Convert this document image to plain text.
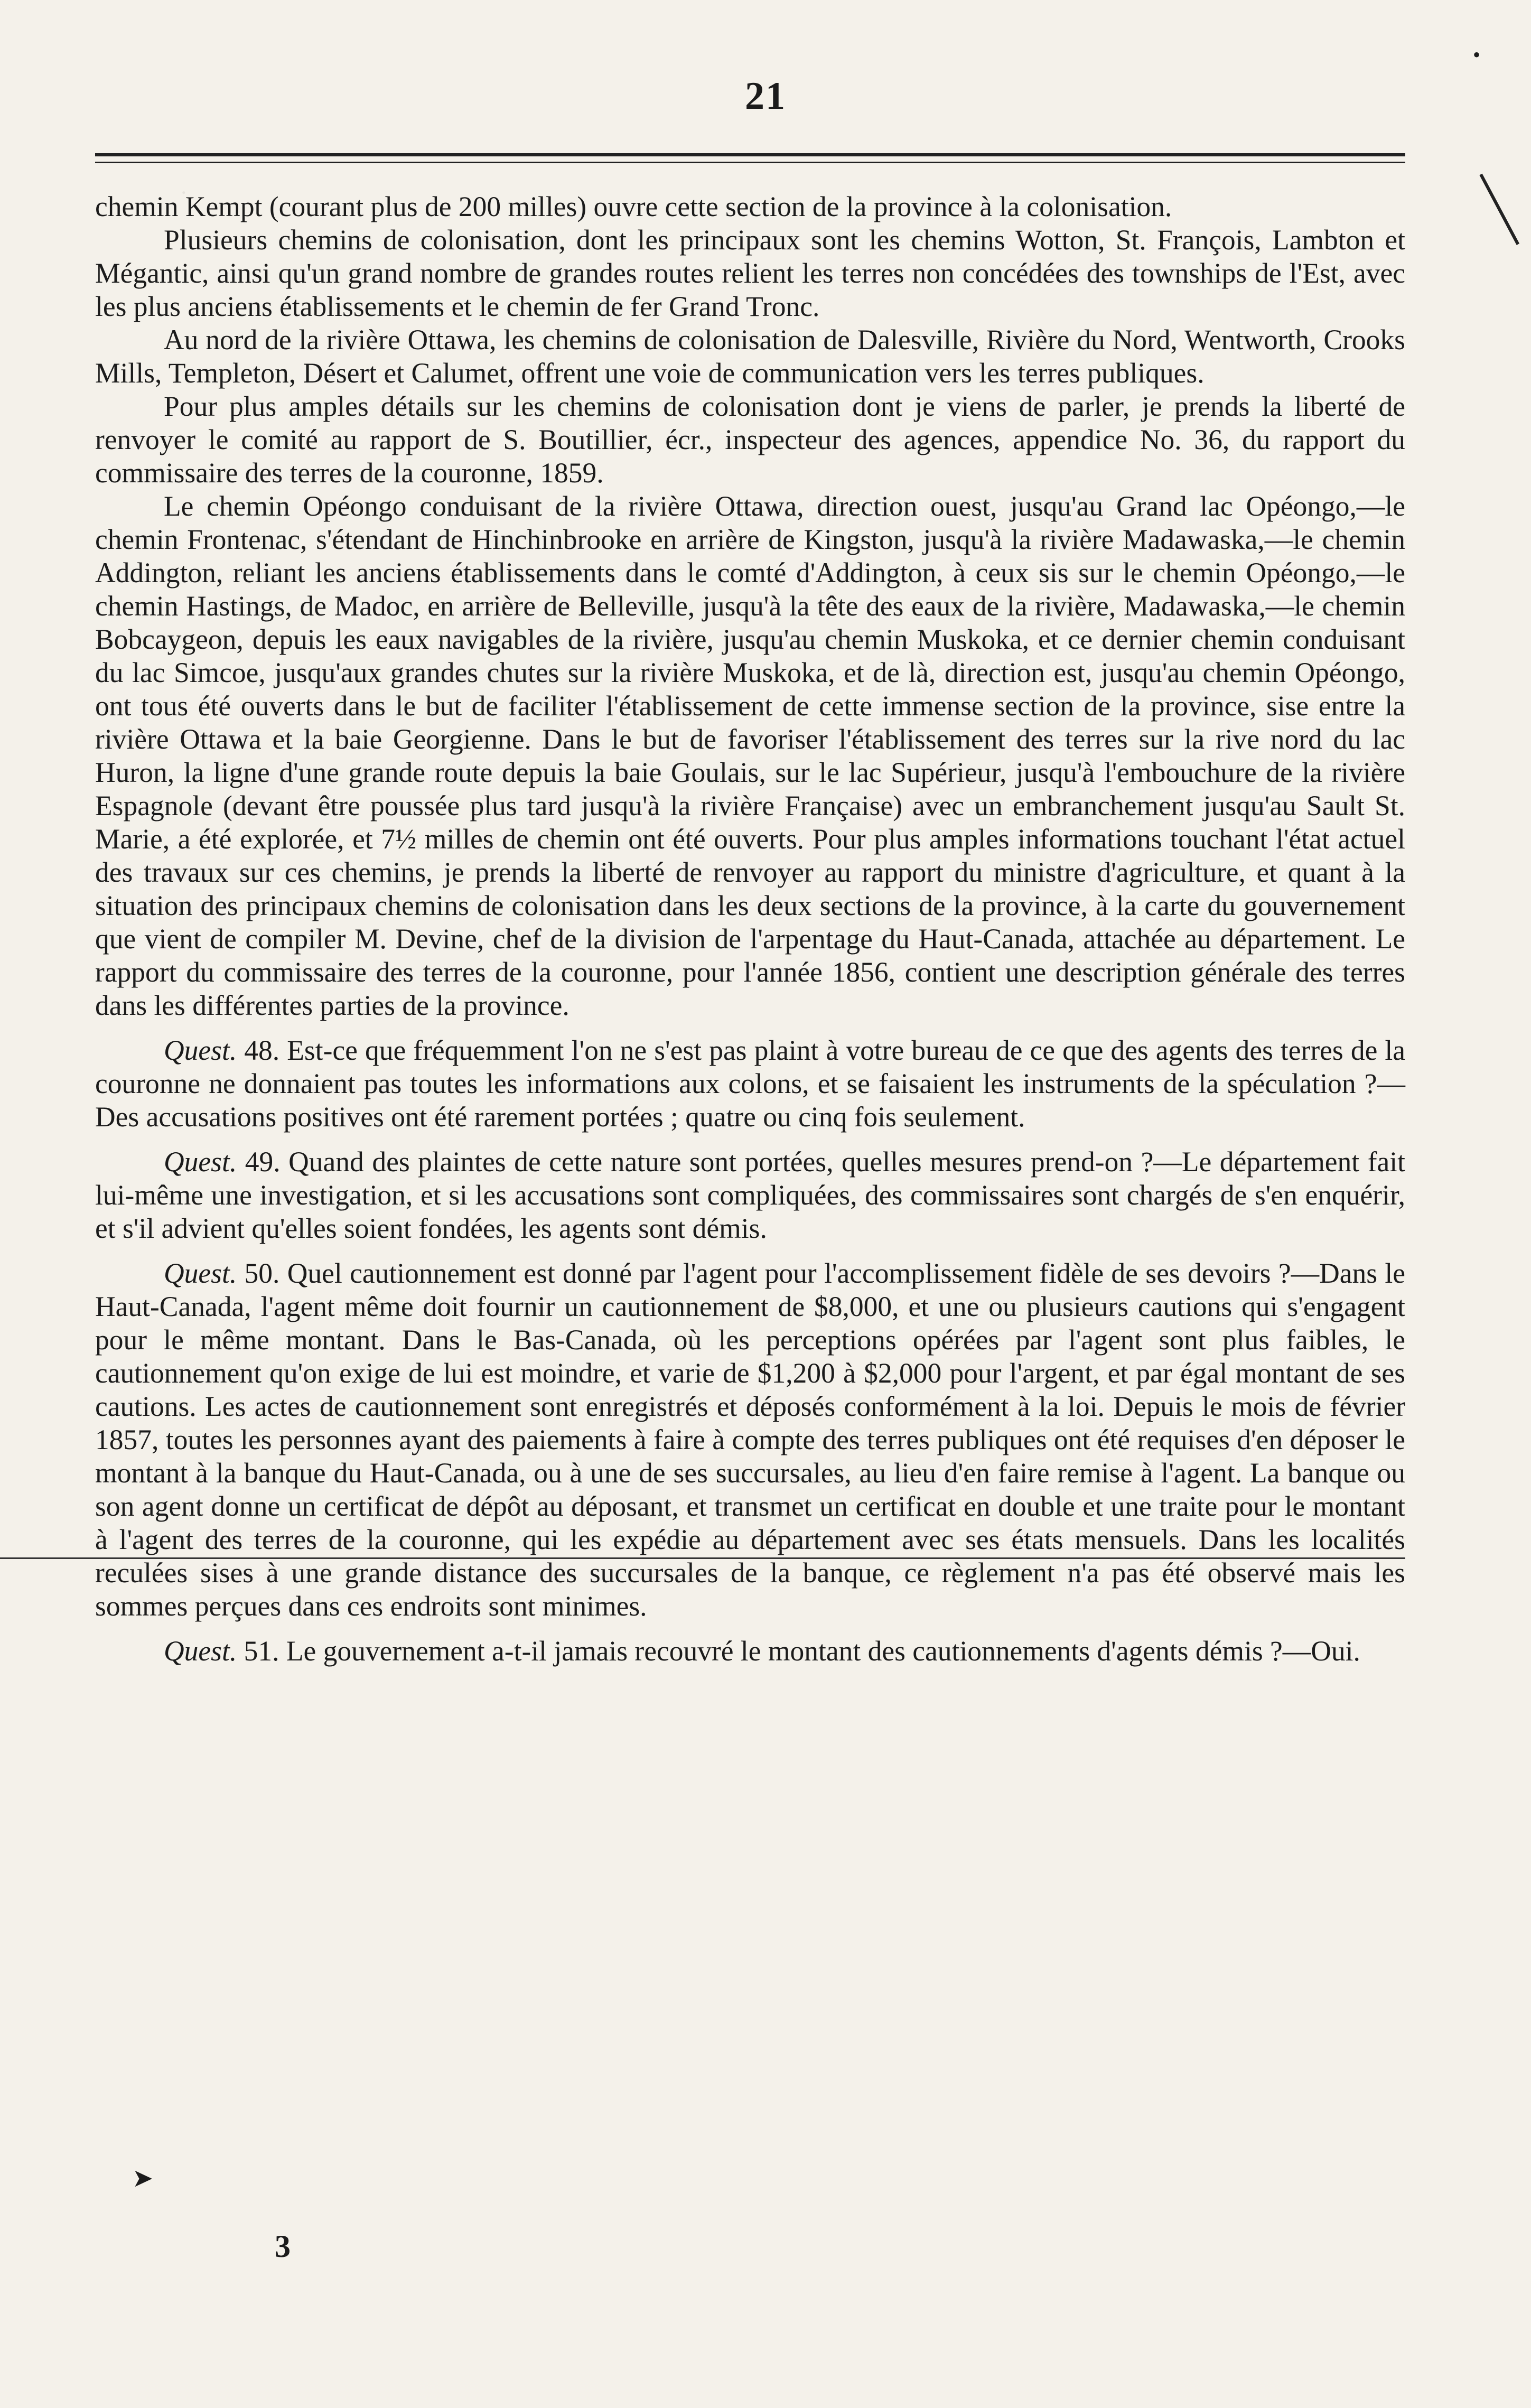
•
21

chemin Kempt (courant plus de 200 milles) ouvre cette section de la province à la colonisation.

Plusieurs chemins de colonisation, dont les principaux sont les chemins Wotton, St. François, Lambton et Mégantic, ainsi qu'un grand nombre de grandes routes relient les terres non concédées des townships de l'Est, avec les plus anciens établissements et le chemin de fer Grand Tronc.

Au nord de la rivière Ottawa, les chemins de colonisation de Dalesville, Rivière du Nord, Wentworth, Crooks Mills, Templeton, Désert et Calumet, offrent une voie de communication vers les terres publiques.

Pour plus amples détails sur les chemins de colonisation dont je viens de parler, je prends la liberté de renvoyer le comité au rapport de S. Boutillier, écr., inspecteur des agences, appendice No. 36, du rapport du commissaire des terres de la couronne, 1859.

Le chemin Opéongo conduisant de la rivière Ottawa, direction ouest, jusqu'au Grand lac Opéongo,—le chemin Frontenac, s'étendant de Hinchinbrooke en arrière de Kingston, jusqu'à la rivière Madawaska,—le chemin Addington, reliant les anciens établissements dans le comté d'Addington, à ceux sis sur le chemin Opéongo,—le chemin Hastings, de Madoc, en arrière de Belleville, jusqu'à la tête des eaux de la rivière, Madawaska,—le chemin Bobcaygeon, depuis les eaux navigables de la rivière, jusqu'au chemin Muskoka, et ce dernier chemin conduisant du lac Simcoe, jusqu'aux grandes chutes sur la rivière Muskoka, et de là, direction est, jusqu'au chemin Opéongo, ont tous été ouverts dans le but de faciliter l'établissement de cette immense section de la province, sise entre la rivière Ottawa et la baie Georgienne. Dans le but de favoriser l'établissement des terres sur la rive nord du lac Huron, la ligne d'une grande route depuis la baie Goulais, sur le lac Supérieur, jusqu'à l'embouchure de la rivière Espagnole (devant être poussée plus tard jusqu'à la rivière Française) avec un embranchement jusqu'au Sault St. Marie, a été explorée, et 7½ milles de chemin ont été ouverts. Pour plus amples informations touchant l'état actuel des travaux sur ces chemins, je prends la liberté de renvoyer au rapport du ministre d'agriculture, et quant à la situation des principaux chemins de colonisation dans les deux sections de la province, à la carte du gouvernement que vient de compiler M. Devine, chef de la division de l'arpentage du Haut-Canada, attachée au département. Le rapport du commissaire des terres de la couronne, pour l'année 1856, contient une description générale des terres dans les différentes parties de la province.

Quest. 48. Est-ce que fréquemment l'on ne s'est pas plaint à votre bureau de ce que des agents des terres de la couronne ne donnaient pas toutes les informations aux colons, et se faisaient les instruments de la spéculation ?—Des accusations positives ont été rarement portées ; quatre ou cinq fois seulement.

Quest. 49. Quand des plaintes de cette nature sont portées, quelles mesures prend-on ?—Le département fait lui-même une investigation, et si les accusations sont compliquées, des commissaires sont chargés de s'en enquérir, et s'il advient qu'elles soient fondées, les agents sont démis.

Quest. 50. Quel cautionnement est donné par l'agent pour l'accomplissement fidèle de ses devoirs ?—Dans le Haut-Canada, l'agent même doit fournir un cautionnement de $8,000, et une ou plusieurs cautions qui s'engagent pour le même montant. Dans le Bas-Canada, où les perceptions opérées par l'agent sont plus faibles, le cautionnement qu'on exige de lui est moindre, et varie de $1,200 à $2,000 pour l'argent, et par égal montant de ses cautions. Les actes de cautionnement sont enregistrés et déposés conformément à la loi. Depuis le mois de février 1857, toutes les personnes ayant des paiements à faire à compte des terres publiques ont été requises d'en déposer le montant à la banque du Haut-Canada, ou à une de ses succursales, au lieu d'en faire remise à l'agent. La banque ou son agent donne un certificat de dépôt au déposant, et transmet un certificat en double et une traite pour le montant à l'agent des terres de la couronne, qui les expédie au département avec ses états mensuels. Dans les localités reculées sises à une grande distance des succursales de la banque, ce règlement n'a pas été observé mais les sommes perçues dans ces endroits sont minimes.

Quest. 51. Le gouvernement a-t-il jamais recouvré le montant des cautionnements d'agents démis ?—Oui.

➤
3
